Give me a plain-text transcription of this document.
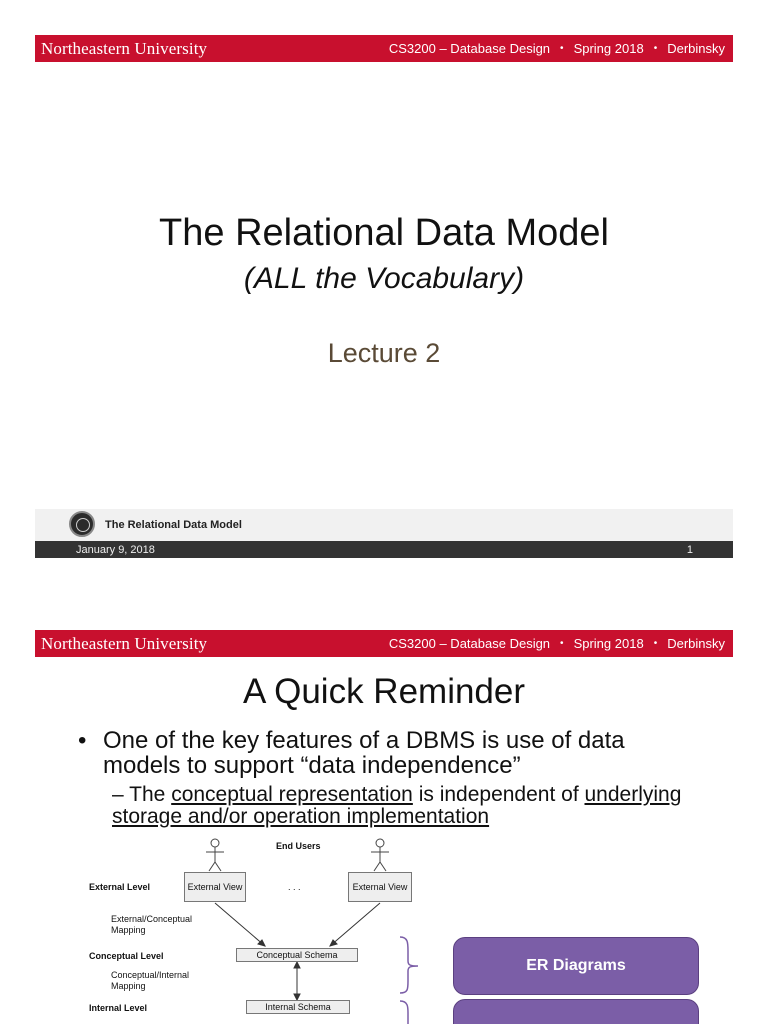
Northeastern University	CS3200 – Database Design	• Spring 2018	• Derbinsky
The Relational Data Model
(ALL the Vocabulary)
Lecture 2
The Relational Data Model
January 9, 2018	1
Northeastern University	CS3200 – Database Design	• Spring 2018	• Derbinsky
A Quick Reminder
• One of the key features of a DBMS is use of data models to support “data independence”
– The conceptual representation is independent of underlying storage and/or operation implementation
End Users
External Level	External View	. . .	External View
External/Conceptual Mapping
Conceptual Level	Conceptual Schema
Conceptual/Internal Mapping
Internal Level	Internal Schema
ER Diagrams
